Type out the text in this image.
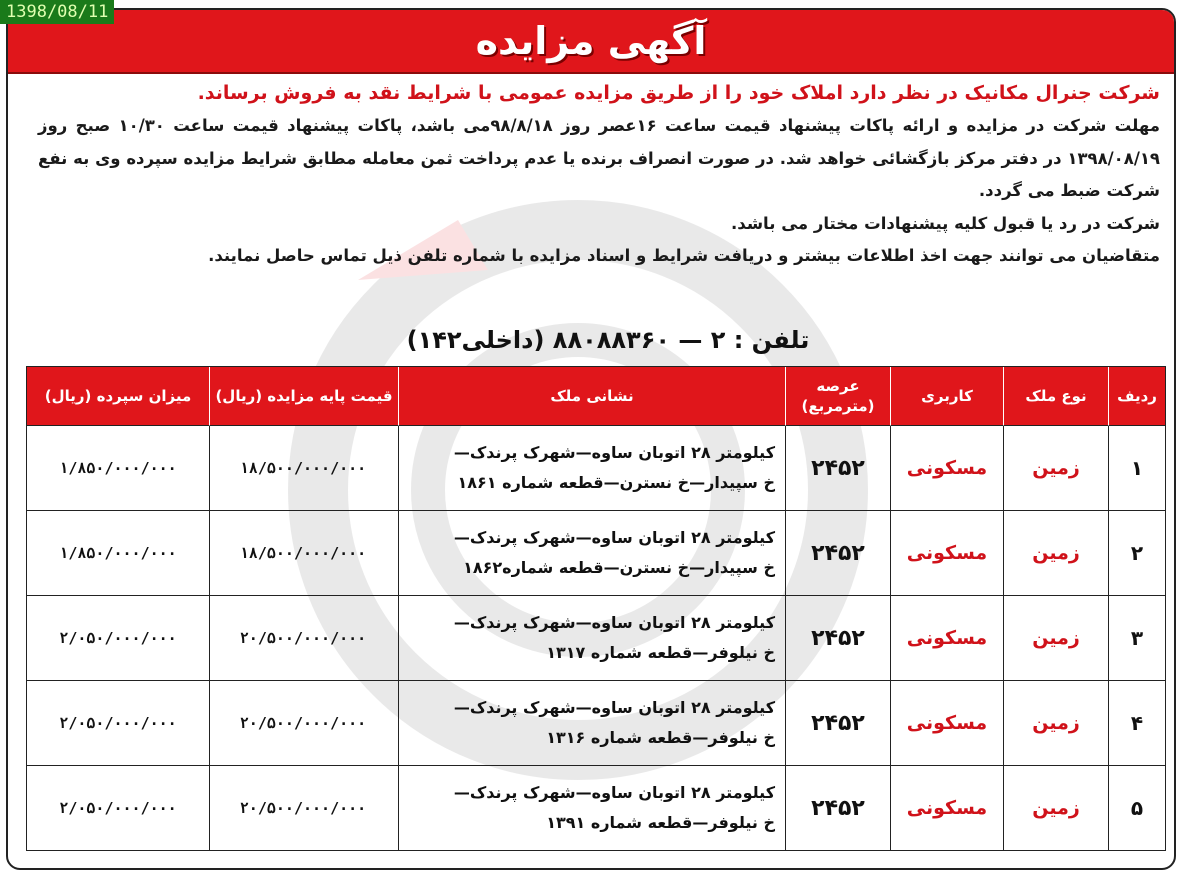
1398/08/11
آگهی مزایده

شرکت جنرال مکانیک در نظر دارد املاک خود را از طریق مزایده عمومی با شرایط نقد به فروش برساند.

مهلت شرکت در مزایده و ارائه پاکات پیشنهاد قیمت ساعت ۱۶عصر روز ۹۸/۸/۱۸می باشد، پاکات پیشنهاد قیمت ساعت ۱۰/۳۰ صبح روز ۱۳۹۸/۰۸/۱۹ در دفتر مرکز بازگشائی خواهد شد. در صورت انصراف برنده یا عدم پرداخت ثمن معامله مطابق شرایط مزایده سپرده وی به نفع شرکت ضبط می گردد.

شرکت در رد یا قبول کلیه پیشنهادات مختار می باشد.

متقاضیان می توانند جهت اخذ اطلاعات بیشتر و دریافت شرایط و اسناد مزایده با شماره تلفن ذیل تماس حاصل نمایند.

تلفن : ۲ — ۸۸۰۸۸۳۶۰ (داخلی۱۴۲)
ردیف	نوع ملک	کاربری	عرصه (مترمربع)	نشانی ملک	قیمت پایه مزایده (ریال)	میزان سپرده (ریال)
۱	زمین	مسکونی	۲۴۵۲	کیلومتر ۲۸ اتوبان ساوه—شهرک پرندک—
خ سپیدار—خ نسترن—قطعه شماره ۱۸۶۱	۱۸/۵۰۰/۰۰۰/۰۰۰	۱/۸۵۰/۰۰۰/۰۰۰
۲	زمین	مسکونی	۲۴۵۲	کیلومتر ۲۸ اتوبان ساوه—شهرک پرندک—
خ سپیدار—خ نسترن—قطعه شماره۱۸۶۲	۱۸/۵۰۰/۰۰۰/۰۰۰	۱/۸۵۰/۰۰۰/۰۰۰
۳	زمین	مسکونی	۲۴۵۲	کیلومتر ۲۸ اتوبان ساوه—شهرک پرندک—
خ نیلوفر—قطعه شماره ۱۳۱۷	۲۰/۵۰۰/۰۰۰/۰۰۰	۲/۰۵۰/۰۰۰/۰۰۰
۴	زمین	مسکونی	۲۴۵۲	کیلومتر ۲۸ اتوبان ساوه—شهرک پرندک—
خ نیلوفر—قطعه شماره ۱۳۱۶	۲۰/۵۰۰/۰۰۰/۰۰۰	۲/۰۵۰/۰۰۰/۰۰۰
۵	زمین	مسکونی	۲۴۵۲	کیلومتر ۲۸ اتوبان ساوه—شهرک پرندک—
خ نیلوفر—قطعه شماره ۱۳۹۱	۲۰/۵۰۰/۰۰۰/۰۰۰	۲/۰۵۰/۰۰۰/۰۰۰
